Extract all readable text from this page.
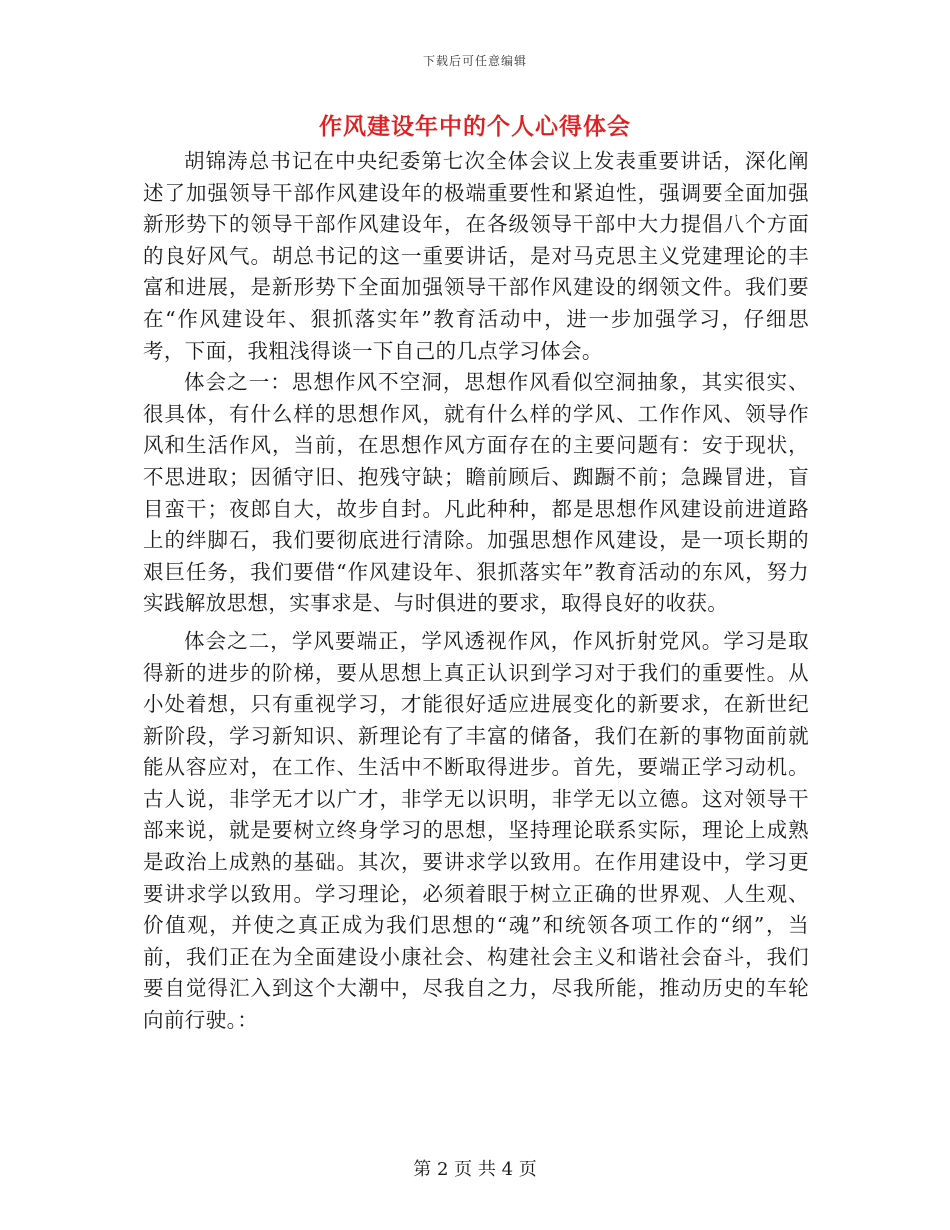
下载后可任意编辑
作风建设年中的个人心得体会

胡锦涛总书记在中央纪委第七次全体会议上发表重要讲话，深化阐述了加强领导干部作风建设年的极端重要性和紧迫性，强调要全面加强新形势下的领导干部作风建设年，在各级领导干部中大力提倡八个方面的良好风气。胡总书记的这一重要讲话，是对马克思主义党建理论的丰富和进展，是新形势下全面加强领导干部作风建设的纲领文件。我们要在“作风建设年、狠抓落实年”教育活动中，进一步加强学习，仔细思考，下面，我粗浅得谈一下自己的几点学习体会。

体会之一：思想作风不空洞，思想作风看似空洞抽象，其实很实、很具体，有什么样的思想作风，就有什么样的学风、工作作风、领导作风和生活作风，当前，在思想作风方面存在的主要问题有：安于现状，不思进取；因循守旧、抱残守缺；瞻前顾后、踟蹰不前；急躁冒进，盲目蛮干；夜郎自大，故步自封。凡此种种，都是思想作风建设前进道路上的绊脚石，我们要彻底进行清除。加强思想作风建设，是一项长期的艰巨任务，我们要借“作风建设年、狠抓落实年”教育活动的东风，努力实践解放思想，实事求是、与时俱进的要求，取得良好的收获。

体会之二，学风要端正，学风透视作风，作风折射党风。学习是取得新的进步的阶梯，要从思想上真正认识到学习对于我们的重要性。从小处着想，只有重视学习，才能很好适应进展变化的新要求，在新世纪新阶段，学习新知识、新理论有了丰富的储备，我们在新的事物面前就能从容应对，在工作、生活中不断取得进步。首先，要端正学习动机。古人说，非学无才以广才，非学无以识明，非学无以立德。这对领导干部来说，就是要树立终身学习的思想，坚持理论联系实际，理论上成熟是政治上成熟的基础。其次，要讲求学以致用。在作用建设中，学习更要讲求学以致用。学习理论，必须着眼于树立正确的世界观、人生观、价值观，并使之真正成为我们思想的“魂”和统领各项工作的“纲”，当前，我们正在为全面建设小康社会、构建社会主义和谐社会奋斗，我们要自觉得汇入到这个大潮中，尽我自之力，尽我所能，推动历史的车轮向前行驶。：

第 2 页 共 4 页
